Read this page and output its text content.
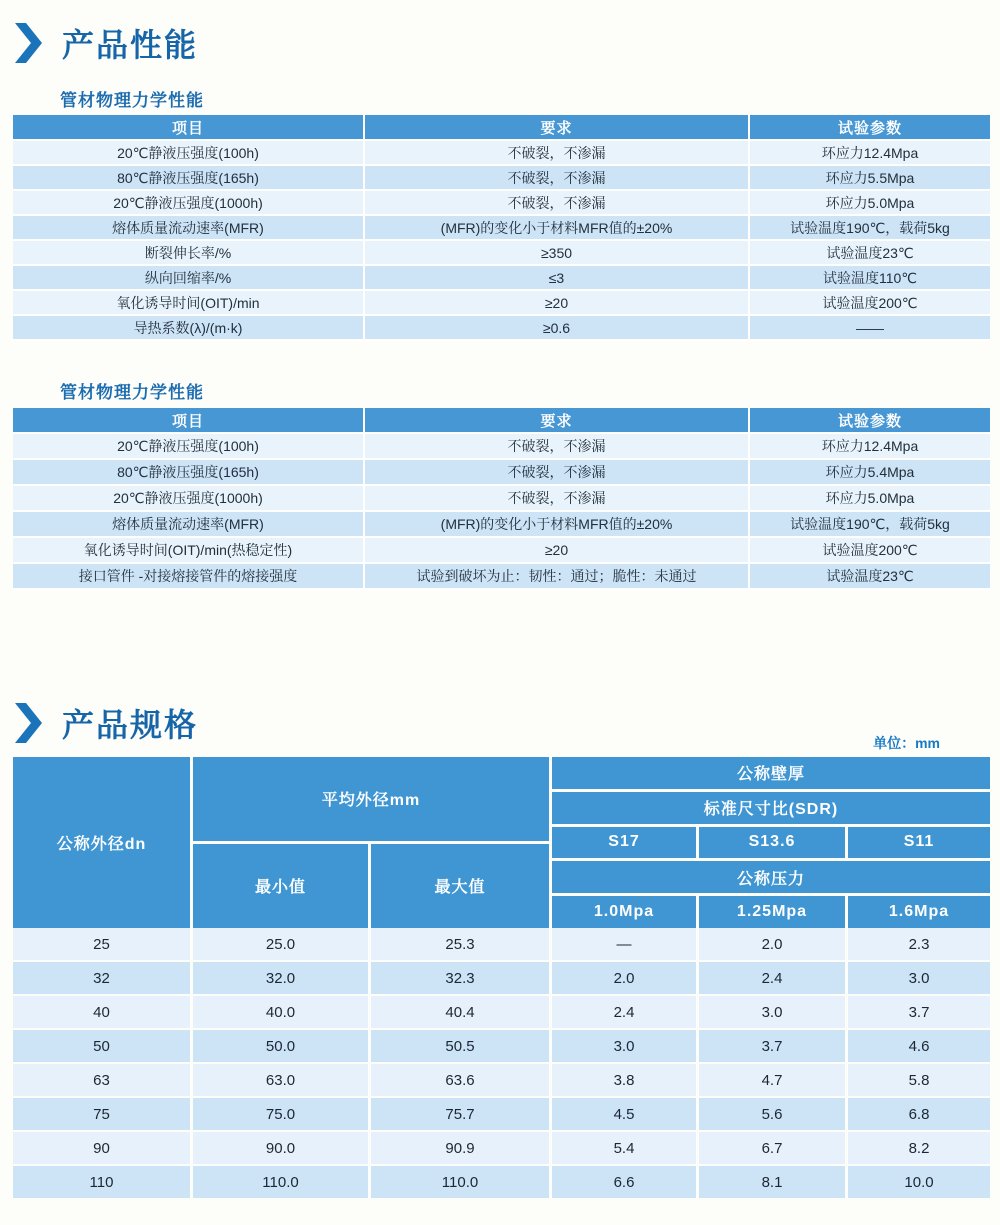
产品性能
管材物理力学性能
项目	要求	试验参数
20℃静液压强度(100h)	不破裂，不渗漏	环应力12.4Mpa
80℃静液压强度(165h)	不破裂，不渗漏	环应力5.5Mpa
20℃静液压强度(1000h)	不破裂，不渗漏	环应力5.0Mpa
熔体质量流动速率(MFR)	(MFR)的变化小于材料MFR值的±20%	试验温度190℃，载荷5kg
断裂伸长率/%	≥350	试验温度23℃
纵向回缩率/%	≤3	试验温度110℃
氧化诱导时间(OIT)/min	≥20	试验温度200℃
导热系数(λ)/(m·k)	≥0.6	——
管材物理力学性能
项目	要求	试验参数
20℃静液压强度(100h)	不破裂，不渗漏	环应力12.4Mpa
80℃静液压强度(165h)	不破裂，不渗漏	环应力5.4Mpa
20℃静液压强度(1000h)	不破裂，不渗漏	环应力5.0Mpa
熔体质量流动速率(MFR)	(MFR)的变化小于材料MFR值的±20%	试验温度190℃，载荷5kg
氧化诱导时间(OIT)/min(热稳定性)	≥20	试验温度200℃
接口管件 -对接熔接管件的熔接强度	试验到破坏为止：韧性：通过；脆性：未通过	试验温度23℃
产品规格	单位：mm
公称外径dn
平均外径mm
最小值	最大值
公称壁厚
标准尺寸比(SDR)
S17	S13.6	S11
公称压力
1.0Mpa	1.25Mpa	1.6Mpa
25	25.0	25.3	—	2.0	2.3
32	32.0	32.3	2.0	2.4	3.0
40	40.0	40.4	2.4	3.0	3.7
50	50.0	50.5	3.0	3.7	4.6
63	63.0	63.6	3.8	4.7	5.8
75	75.0	75.7	4.5	5.6	6.8
90	90.0	90.9	5.4	6.7	8.2
110	110.0	110.0	6.6	8.1	10.0
